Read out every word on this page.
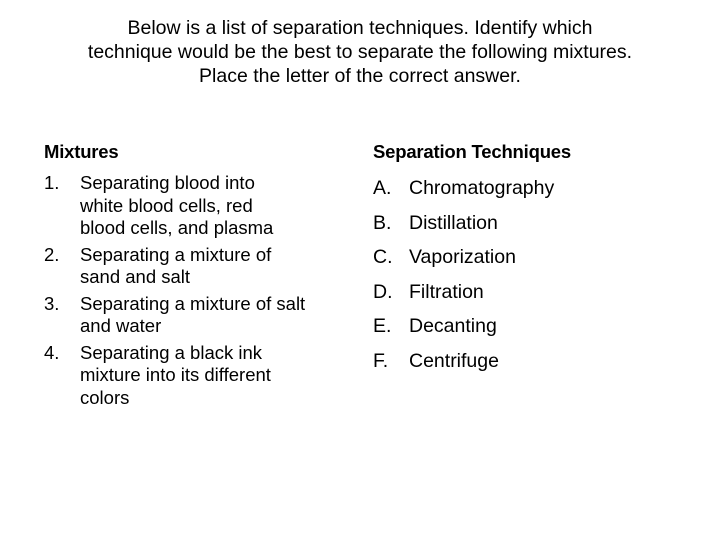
Below is a list of separation techniques. Identify which
technique would be the best to separate the following mixtures.
Place the letter of the correct answer.
Mixtures
1.	Separating blood into
white blood cells, red
blood cells, and plasma
2.	Separating a mixture of
sand and salt
3.	Separating a mixture of salt
and water
4.	Separating a black ink
mixture into its different
colors
Separation Techniques
A. Chromatography
B. Distillation
C. Vaporization
D. Filtration
E. Decanting
F.	Centrifuge
